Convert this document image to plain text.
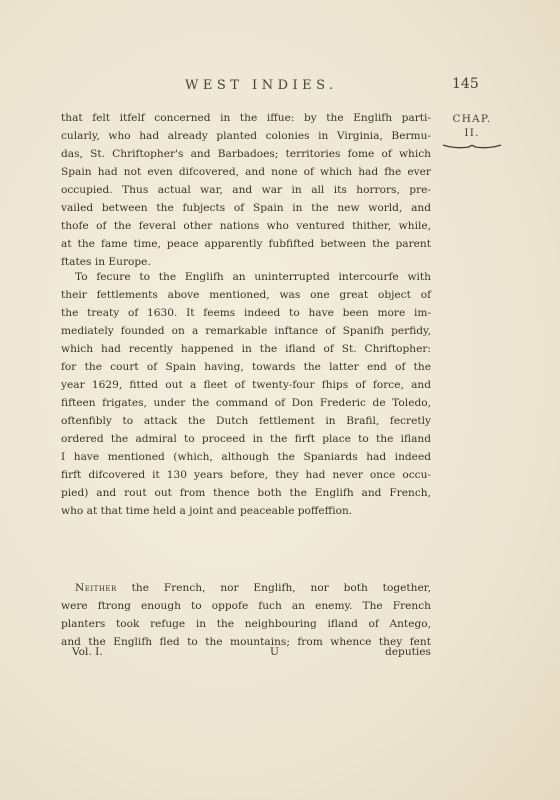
WEST INDIES.	145
CHAP.
II.
that felt itfelf concerned in the iffue: by the Englifh parti-
cularly, who had already planted colonies in Virginia, Bermu-
das, St. Chriftopher's and Barbadoes; territories fome of which
Spain had not even difcovered, and none of which had fhe ever
occupied. Thus actual war, and war in all its horrors, pre-
vailed between the fubjects of Spain in the new world, and
thofe of the feveral other nations who ventured thither, while,
at the fame time, peace apparently fubfifted between the parent
ftates in Europe.
To fecure to the Englifh an uninterrupted intercourfe with
their fettlements above mentioned, was one great object of
the treaty of 1630. It feems indeed to have been more im-
mediately founded on a remarkable inftance of Spanifh perfidy,
which had recently happened in the ifland of St. Chriftopher:
for the court of Spain having, towards the latter end of the
year 1629, fitted out a fleet of twenty-four fhips of force, and
fifteen frigates, under the command of Don Frederic de Toledo,
oftenfibly to attack the Dutch fettlement in Brafil, fecretly
ordered the admiral to proceed in the firft place to the ifland
I have mentioned (which, although the Spaniards had indeed
firft difcovered it 130 years before, they had never once occu-
pied) and rout out from thence both the Englifh and French,
who at that time held a joint and peaceable poffeffion.
Neither the French, nor Englifh, nor both together,
were ftrong enough to oppofe fuch an enemy. The French
planters took refuge in the neighbouring ifland of Antego,
and the Englifh fled to the mountains; from whence they fent
Vol. I.	U	deputies
